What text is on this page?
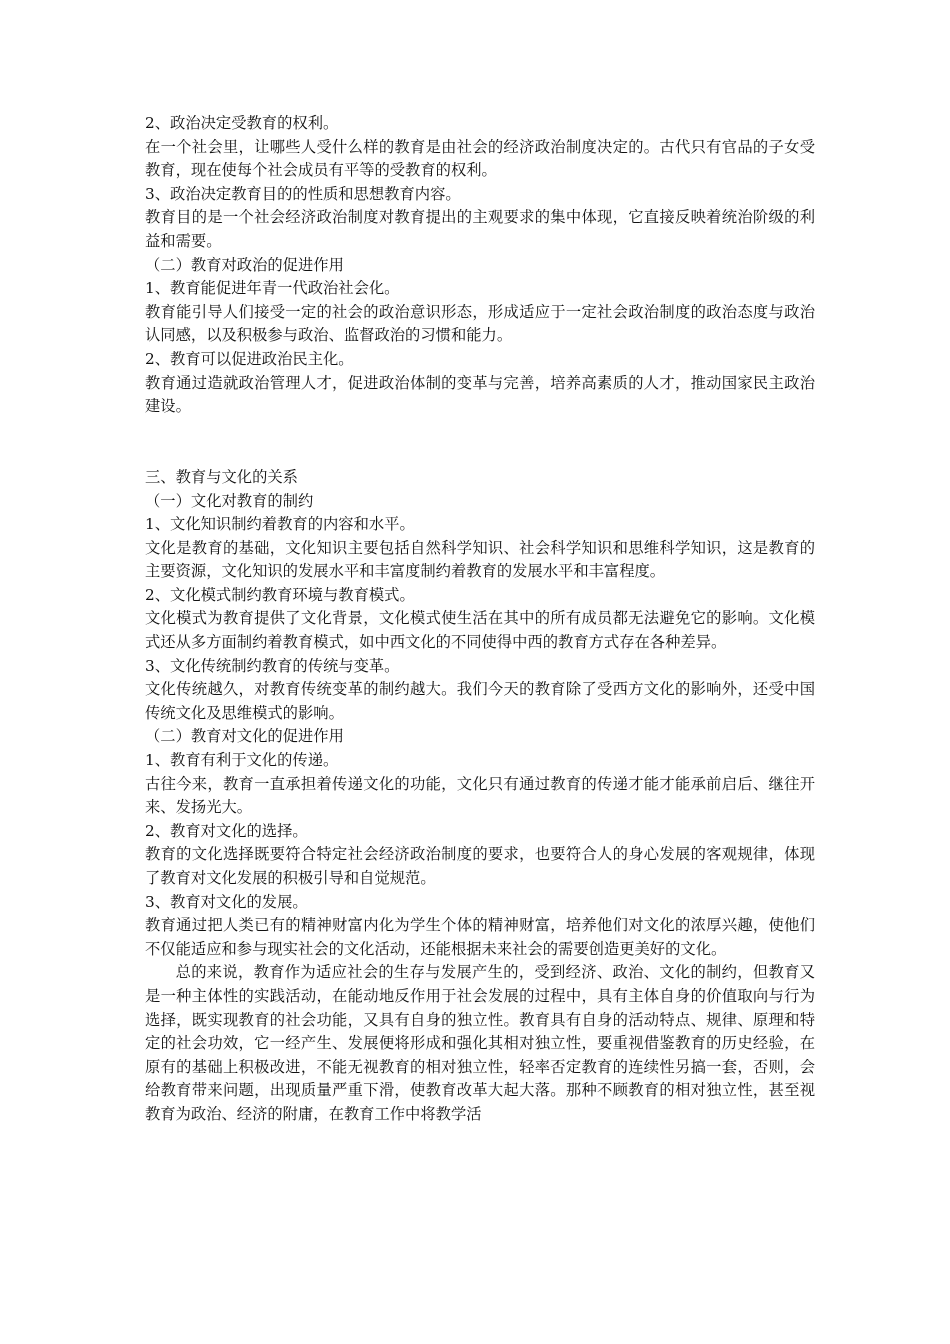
2、政治决定受教育的权利。

在一个社会里，让哪些人受什么样的教育是由社会的经济政治制度决定的。古代只有官品的子女受教育，现在使每个社会成员有平等的受教育的权利。

3、政治决定教育目的的性质和思想教育内容。

教育目的是一个社会经济政治制度对教育提出的主观要求的集中体现，它直接反映着统治阶级的利益和需要。

（二）教育对政治的促进作用

1、教育能促进年青一代政治社会化。

教育能引导人们接受一定的社会的政治意识形态，形成适应于一定社会政治制度的政治态度与政治认同感，以及积极参与政治、监督政治的习惯和能力。

2、教育可以促进政治民主化。

教育通过造就政治管理人才，促进政治体制的变革与完善，培养高素质的人才，推动国家民主政治建设。

三、教育与文化的关系

（一）文化对教育的制约

1、文化知识制约着教育的内容和水平。

文化是教育的基础，文化知识主要包括自然科学知识、社会科学知识和思维科学知识，这是教育的主要资源，文化知识的发展水平和丰富度制约着教育的发展水平和丰富程度。

2、文化模式制约教育环境与教育模式。

文化模式为教育提供了文化背景，文化模式使生活在其中的所有成员都无法避免它的影响。文化模式还从多方面制约着教育模式，如中西文化的不同使得中西的教育方式存在各种差异。

3、文化传统制约教育的传统与变革。

文化传统越久，对教育传统变革的制约越大。我们今天的教育除了受西方文化的影响外，还受中国传统文化及思维模式的影响。

（二）教育对文化的促进作用

1、教育有利于文化的传递。

古往今来，教育一直承担着传递文化的功能，文化只有通过教育的传递才能才能承前启后、继往开来、发扬光大。

2、教育对文化的选择。

教育的文化选择既要符合特定社会经济政治制度的要求，也要符合人的身心发展的客观规律，体现了教育对文化发展的积极引导和自觉规范。

3、教育对文化的发展。

教育通过把人类已有的精神财富内化为学生个体的精神财富，培养他们对文化的浓厚兴趣，使他们不仅能适应和参与现实社会的文化活动，还能根据未来社会的需要创造更美好的文化。

总的来说，教育作为适应社会的生存与发展产生的，受到经济、政治、文化的制约，但教育又是一种主体性的实践活动，在能动地反作用于社会发展的过程中，具有主体自身的价值取向与行为选择，既实现教育的社会功能，又具有自身的独立性。教育具有自身的活动特点、规律、原理和特定的社会功效，它一经产生、发展便将形成和强化其相对独立性，要重视借鉴教育的历史经验，在原有的基础上积极改进，不能无视教育的相对独立性，轻率否定教育的连续性另搞一套，否则，会给教育带来问题，出现质量严重下滑，使教育改革大起大落。那种不顾教育的相对独立性，甚至视教育为政治、经济的附庸，在教育工作中将教学活
